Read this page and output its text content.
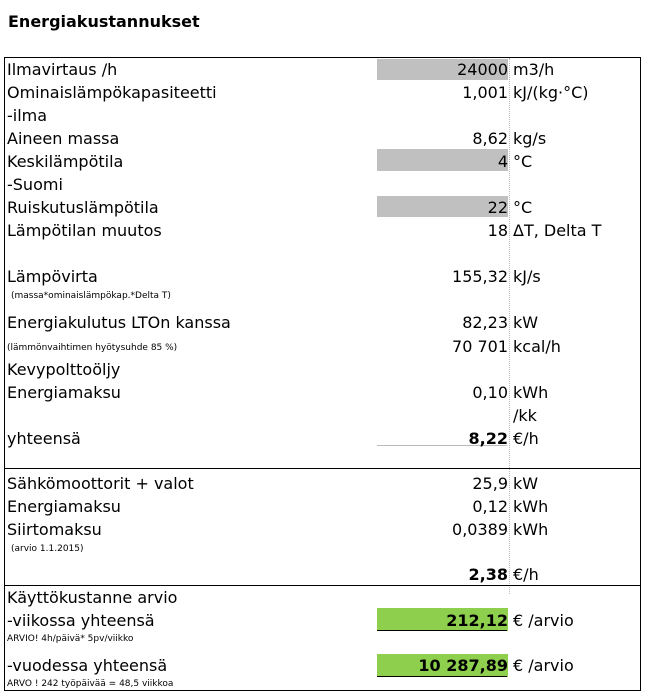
Energiakustannukset
Ilmavirtaus /h	24000 m3/h
Ominaislämpökapasiteetti	1,001 kJ/(kg·°C)
-ilma
Aineen massa	8,62 kg/s
Keskilämpötila	4 °C
-Suomi
Ruiskutuslämpötila	22 °C
Lämpötilan muutos	18 ΔT, Delta T
Lämpövirta	155,32 kJ/s
(massa*ominaislämpökap.*Delta T)
Energiakulutus LTOn kanssa	82,23 kW
(lämmönvaihtimen hyötysuhde 85 %)	70 701 kcal/h
Kevypolttoöljy
Energiamaksu	0,10 kWh
/kk
yhteensä	8,22 €/h
Sähkömoottorit + valot	25,9 kW
Energiamaksu	0,12 kWh
Siirtomaksu	0,0389 kWh
(arvio 1.1.2015)
2,38 €/h
Käyttökustanne arvio
-viikossa yhteensä	212,12 € /arvio
ARVIO! 4h/päivä* 5pv/viikko
-vuodessa yhteensä	10 287,89 € /arvio
ARVO ! 242 työpäivää = 48,5 viikkoa
